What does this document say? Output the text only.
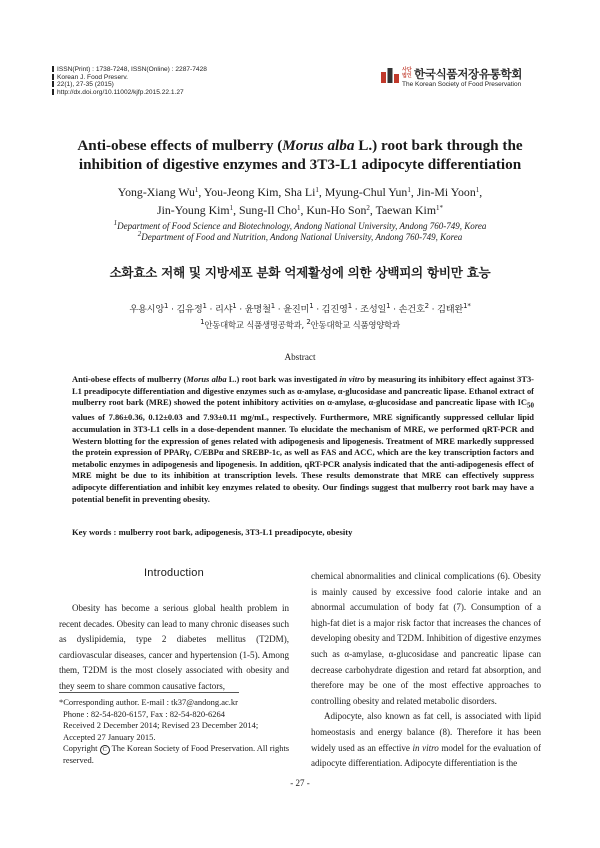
ISSN(Print) : 1738-7248, ISSN(Online) : 2287-7428
Korean J. Food Preserv.
22(1), 27-35 (2015)
http://dx.doi.org/10.11002/kjfp.2015.22.1.27
사단 법인 한국식품저장유통학회
The Korean Society of Food Preservation
Anti-obese effects of mulberry (Morus alba L.) root bark through the
inhibition of digestive enzymes and 3T3-L1 adipocyte differentiation
Yong-Xiang Wu$^1$, You-Jeong Kim, Sha Li$^1$, Myung-Chul Yun$^1$, Jin-Mi Yoon$^1$,
Jin-Young Kim$^1$, Sung-Il Cho$^1$, Kun-Ho Son$^2$, Taewan Kim$^{1*}$
$^1$Department of Food Science and Biotechnology, Andong National University, Andong 760-749, Korea
$^2$Department of Food and Nutrition, Andong National University, Andong 760-749, Korea
소화효소 저해 및 지방세포 분화 억제활성에 의한 상백피의 항비만 효능
우용시앙$^1$ · 김유정$^1$ · 리샤$^1$ · 윤명철$^1$ · 윤진미$^1$ · 김진영$^1$ · 조성일$^1$ · 손건호$^2$ · 김태완$^{1*}$
$^1$안동대학교 식품생명공학과, $^2$안동대학교 식품영양학과
Abstract
Anti-obese effects of mulberry (Morus alba L.) root bark was investigated in vitro by measuring its inhibitory effect against 3T3-L1 preadipocyte differentiation and digestive enzymes such as α-amylase, α-glucosidase and pancreatic lipase. Ethanol extract of mulberry root bark (MRE) showed the potent inhibitory activities on α-amylase, α-glucosidase and pancreatic lipase with $IC_{50}$ values of 7.86±0.36, 0.12±0.03 and 7.93±0.11 mg/mL, respectively. Furthermore, MRE significantly suppressed cellular lipid accumulation in 3T3-L1 cells in a dose-dependent manner. To elucidate the mechanism of MRE, we performed qRT-PCR and Western blotting for the expression of genes related with adipogenesis and lipogenesis. Treatment of MRE markedly suppressed the protein expression of PPARγ, C/EBPα and SREBP-1c, as well as FAS and ACC, which are the key transcription factors and metabolic enzymes in adipogenesis and lipogenesis. In addition, qRT-PCR analysis indicated that the anti-adipogenesis effect of MRE might be due to its inhibition at transcription levels. These results demonstrate that MRE can effectively suppress adipocyte differentiation and inhibit key enzymes related to obesity. Our findings suggest that mulberry root bark may have a potential benefit in preventing obesity.
Key words : mulberry root bark, adipogenesis, 3T3-L1 preadipocyte, obesity
Introduction

Obesity has become a serious global health problem in recent decades. Obesity can lead to many chronic diseases such as dyslipidemia, type 2 diabetes mellitus (T2DM), cardiovascular diseases, cancer and hypertension (1-5). Among them, T2DM is the most closely associated with obesity and they seem to share common causative factors,

*Corresponding author. E-mail : tk37@andong.ac.kr
Phone : 82-54-820-6157, Fax : 82-54-820-6264
Received 2 December 2014; Revised 23 December 2014;
Accepted 27 January 2015.
Copyright C The Korean Society of Food Preservation. All rights reserved.

chemical abnormalities and clinical complications (6). Obesity is mainly caused by excessive food calorie intake and an abnormal accumulation of body fat (7). Consumption of a high-fat diet is a major risk factor that increases the chances of developing obesity and T2DM. Inhibition of digestive enzymes such as α-amylase, α-glucosidase and pancreatic lipase can decrease carbohydrate digestion and retard fat absorption, and therefore may be one of the most effective approaches to controlling obesity and related metabolic disorders.

Adipocyte, also known as fat cell, is associated with lipid homeostasis and energy balance (8). Therefore it has been widely used as an effective in vitro model for the evaluation of adipocyte differentiation. Adipocyte differentiation is the

- 27 -
